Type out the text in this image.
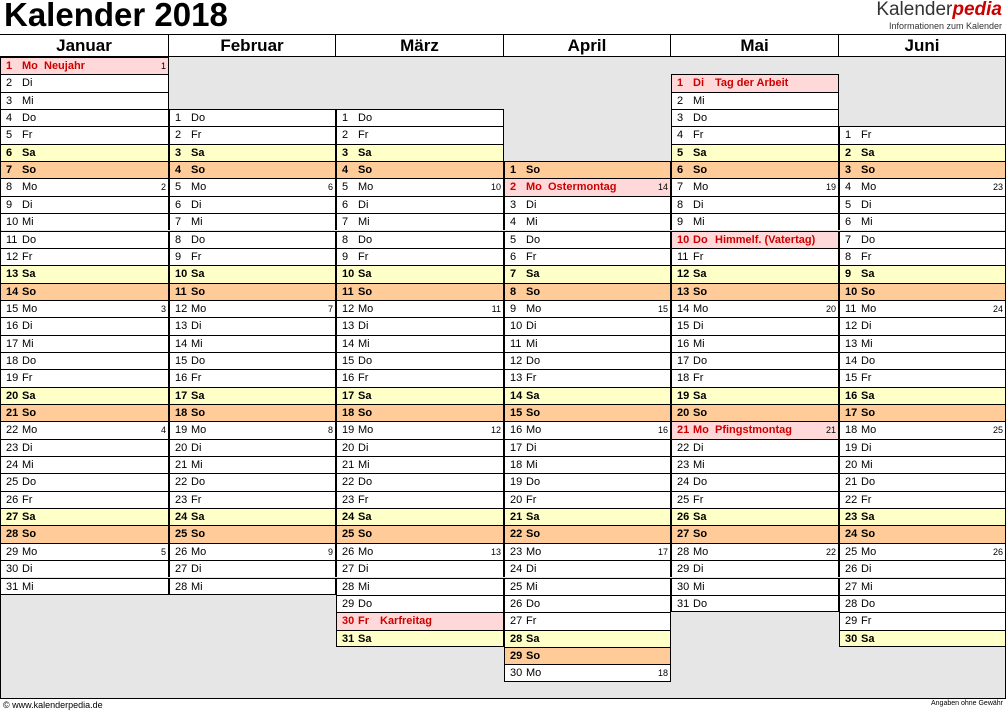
Kalender 2018	Kalenderpedia
Informationen zum Kalender
Januar
1 Mo Neujahr	1
2 Di
3 Mi
4 Do
5 Fr
6 Sa
7 So
8 Mo	2
9 Di
10 Mi
11 Do
12 Fr
13 Sa
14 So
15 Mo	3
16 Di
17 Mi
18 Do
19 Fr
20 Sa
21 So
22 Mo	4
23 Di
24 Mi
25 Do
26 Fr
27 Sa
28 So
29 Mo	5
30 Di
31 Mi
Februar
1 Do
2 Fr
3 Sa
4 So
5 Mo	6
6 Di
7 Mi
8 Do
9 Fr
10 Sa
11 So
12 Mo	7
13 Di
14 Mi
15 Do
16 Fr
17 Sa
18 So
19 Mo	8
20 Di
21 Mi
22 Do
23 Fr
24 Sa
25 So
26 Mo	9
27 Di
28 Mi
März
1 Do
2 Fr
3 Sa
4 So
5 Mo	10
6 Di
7 Mi
8 Do
9 Fr
10 Sa
11 So
12 Mo	11
13 Di
14 Mi
15 Do
16 Fr
17 Sa
18 So
19 Mo	12
20 Di
21 Mi
22 Do
23 Fr
24 Sa
25 So
26 Mo	13
27 Di
28 Mi
29 Do
30 Fr Karfreitag
31 Sa
April
1 So
2 Mo Ostermontag	14
3 Di
4 Mi
5 Do
6 Fr
7 Sa
8 So
9 Mo	15
10 Di
11 Mi
12 Do
13 Fr
14 Sa
15 So
16 Mo	16
17 Di
18 Mi
19 Do
20 Fr
21 Sa
22 So
23 Mo	17
24 Di
25 Mi
26 Do
27 Fr
28 Sa
29 So
30 Mo	18
Mai
1 Di Tag der Arbeit
2 Mi
3 Do
4 Fr
5 Sa
6 So
7 Mo	19
8 Di
9 Mi
10 Do Himmelf. (Vatertag)
11 Fr
12 Sa
13 So
14 Mo	20
15 Di
16 Mi
17 Do
18 Fr
19 Sa
20 So
21 Mo Pfingstmontag	21
22 Di
23 Mi
24 Do
25 Fr
26 Sa
27 So
28 Mo	22
29 Di
30 Mi
31 Do
Juni
1 Fr
2 Sa
3 So
4 Mo	23
5 Di
6 Mi
7 Do
8 Fr
9 Sa
10 So
11 Mo	24
12 Di
13 Mi
14 Do
15 Fr
16 Sa
17 So
18 Mo	25
19 Di
20 Mi
21 Do
22 Fr
23 Sa
24 So
25 Mo	26
26 Di
27 Mi
28 Do
29 Fr
30 Sa
© www.kalenderpedia.de	Angaben ohne Gewähr
